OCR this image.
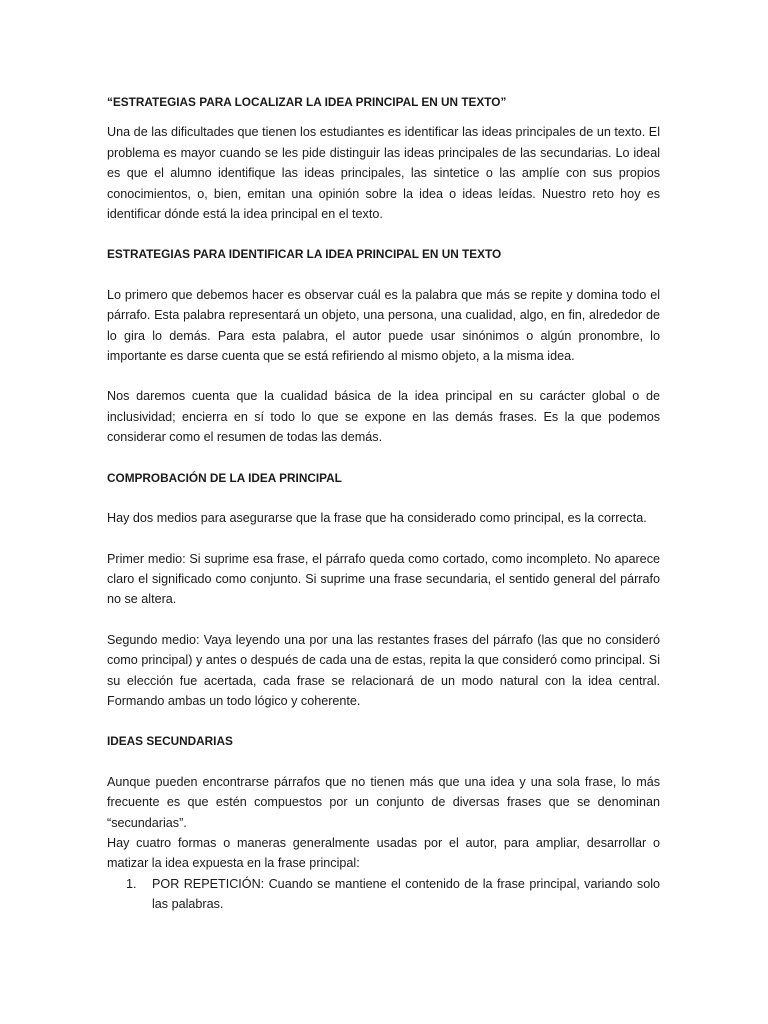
“ESTRATEGIAS PARA LOCALIZAR LA IDEA PRINCIPAL EN UN TEXTO”

Una de las dificultades que tienen los estudiantes es identificar las ideas principales de un texto. El problema es mayor cuando se les pide distinguir las ideas principales de las secundarias. Lo ideal es que el alumno identifique las ideas principales, las sintetice o las amplíe con sus propios conocimientos, o, bien, emitan una opinión sobre la idea o ideas leídas. Nuestro reto hoy es identificar dónde está la idea principal en el texto.

ESTRATEGIAS PARA IDENTIFICAR LA IDEA PRINCIPAL EN UN TEXTO

Lo primero que debemos hacer es observar cuál es la palabra que más se repite y domina todo el párrafo. Esta palabra representará un objeto, una persona, una cualidad, algo, en fin, alrededor de lo gira lo demás. Para esta palabra, el autor puede usar sinónimos o algún pronombre, lo importante es darse cuenta que se está refiriendo al mismo objeto, a la misma idea.

Nos daremos cuenta que la cualidad básica de la idea principal en su carácter global o de inclusividad; encierra en sí todo lo que se expone en las demás frases. Es la que podemos considerar como el resumen de todas las demás.

COMPROBACIÓN DE LA IDEA PRINCIPAL

Hay dos medios para asegurarse que la frase que ha considerado como principal, es la correcta.

Primer medio: Si suprime esa frase, el párrafo queda como cortado, como incompleto. No aparece claro el significado como conjunto. Si suprime una frase secundaria, el sentido general del párrafo no se altera.

Segundo medio: Vaya leyendo una por una las restantes frases del párrafo (las que no consideró como principal) y antes o después de cada una de estas, repita la que consideró como principal. Si su elección fue acertada, cada frase se relacionará de un modo natural con la idea central. Formando ambas un todo lógico y coherente.

IDEAS SECUNDARIAS

Aunque pueden encontrarse párrafos que no tienen más que una idea y una sola frase, lo más frecuente es que estén compuestos por un conjunto de diversas frases que se denominan “secundarias”.

Hay cuatro formas o maneras generalmente usadas por el autor, para ampliar, desarrollar o matizar la idea expuesta en la frase principal:

1.	POR REPETICIÓN: Cuando se mantiene el contenido de la frase principal, variando solo las palabras.
